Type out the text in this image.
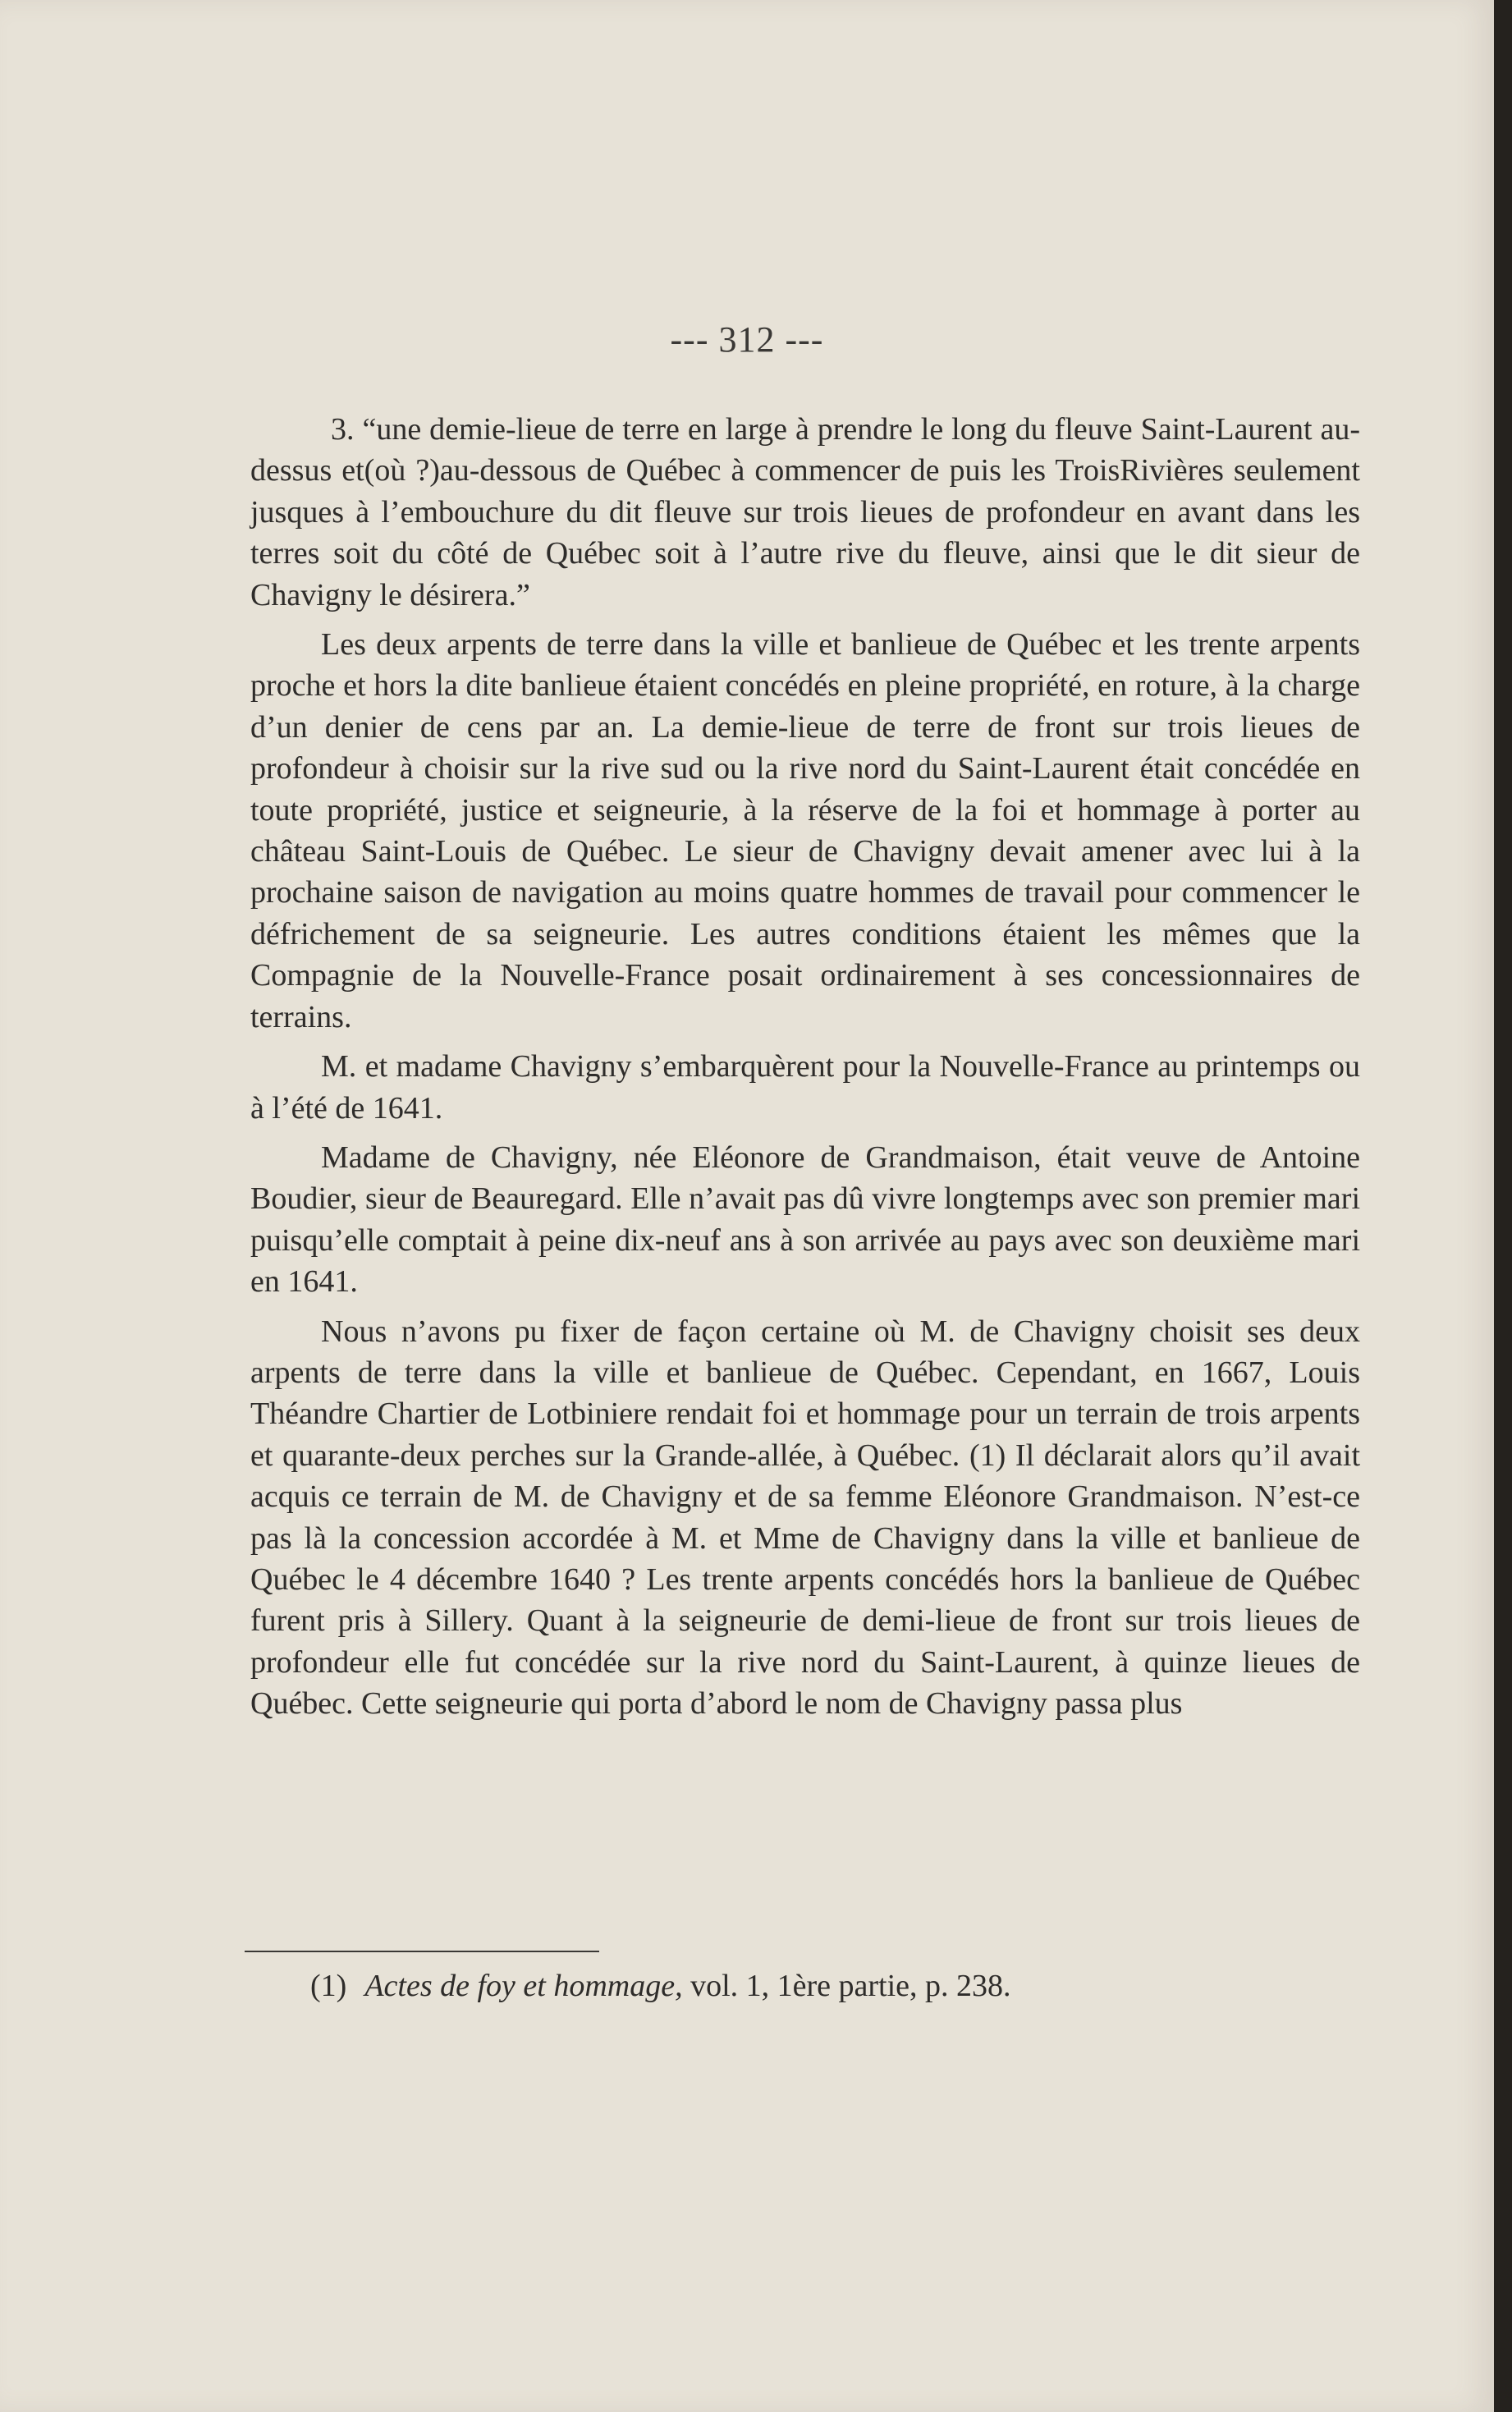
--- 312 ---

3. “une demie-lieue de terre en large à prendre le long du fleuve Saint-Laurent au-dessus et(où ?)au-dessous de Québec à commencer de puis les TroisRivières seulement jusques à l’embouchure du dit fleuve sur trois lieues de profondeur en avant dans les terres soit du côté de Québec soit à l’autre rive du fleuve, ainsi que le dit sieur de Chavigny le désirera.”

Les deux arpents de terre dans la ville et banlieue de Québec et les trente arpents proche et hors la dite banlieue étaient concédés en pleine propriété, en roture, à la charge d’un denier de cens par an. La demie-lieue de terre de front sur trois lieues de profondeur à choisir sur la rive sud ou la rive nord du Saint-Laurent était concédée en toute propriété, justice et seigneurie, à la réserve de la foi et hommage à porter au château Saint-Louis de Québec. Le sieur de Chavigny devait amener avec lui à la prochaine saison de navigation au moins quatre hommes de travail pour commencer le défrichement de sa seigneurie. Les autres conditions étaient les mêmes que la Compagnie de la Nouvelle-France posait ordinairement à ses concessionnaires de terrains.

M. et madame Chavigny s’embarquèrent pour la Nouvelle-France au printemps ou à l’été de 1641.

Madame de Chavigny, née Eléonore de Grandmaison, était veuve de Antoine Boudier, sieur de Beauregard. Elle n’avait pas dû vivre longtemps avec son premier mari puisqu’elle comptait à peine dix-neuf ans à son arrivée au pays avec son deuxième mari en 1641.

Nous n’avons pu fixer de façon certaine où M. de Chavigny choisit ses deux arpents de terre dans la ville et banlieue de Québec. Cependant, en 1667, Louis Théandre Chartier de Lotbiniere rendait foi et hommage pour un terrain de trois arpents et quarante-deux perches sur la Grande-allée, à Québec. (1) Il déclarait alors qu’il avait acquis ce terrain de M. de Chavigny et de sa femme Eléonore Grandmaison. N’est-ce pas là la concession accordée à M. et Mme de Chavigny dans la ville et banlieue de Québec le 4 décembre 1640 ? Les trente arpents concédés hors la banlieue de Québec furent pris à Sillery. Quant à la seigneurie de demi-lieue de front sur trois lieues de profondeur elle fut concédée sur la rive nord du Saint-Laurent, à quinze lieues de Québec. Cette seigneurie qui porta d’abord le nom de Chavigny passa plus

(1) Actes de foy et hommage, vol. 1, 1ère partie, p. 238.
